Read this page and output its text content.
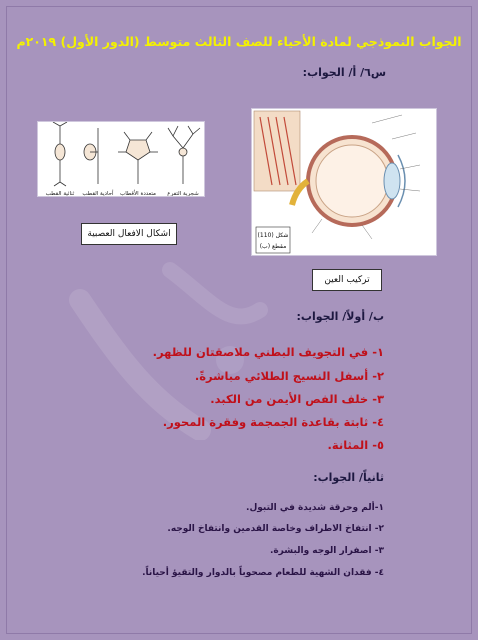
الجواب النموذجي لمادة الأحياء للصف الثالث متوسط (الدور الأول) ٢٠١٩م
س٦/ أ/ الجواب:
ثنائية القطب أحادية القطب متعددة الأقطاب شجرية التفرع
اشكال الافعال العصبية	شكل (110)
(ب) مقطع
تركيب العين
ب/ أولاً/ الجواب:
١- في التجويف البطني ملاصقتان للظهر.
٢- أسفل النسيج الطلائي مباشرةً.
٣- خلف الفص الأيمن من الكبد.
٤- ثابتة بقاعدة الجمجمة وفقرة المحور.
٥- المثانة.
ثانياً/ الجواب:
١-ألم وحرقة شديدة في التبول.
٢- انتفاخ الاطراف وخاصة القدمين وانتفاخ الوجه.
٣- اصفرار الوجه والبشرة.
٤- فقدان الشهية للطعام مصحوباً بالدوار والتقيؤ أحياناً.
